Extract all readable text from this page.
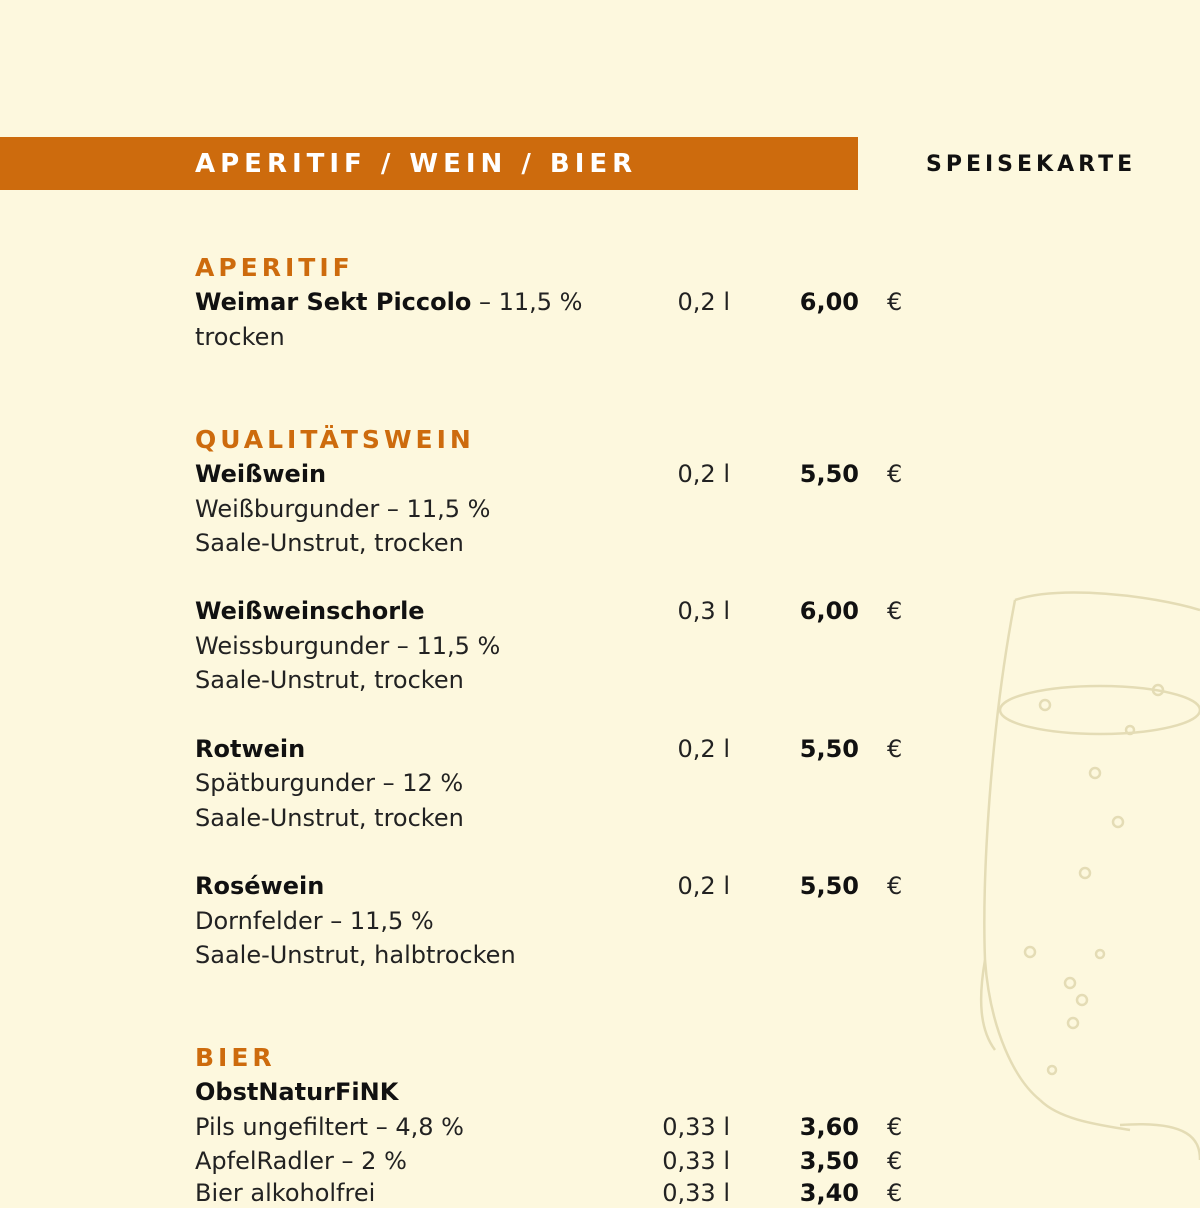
APERITIF / WEIN / BIER	SPEISEKARTE
APERITIF
Weimar Sekt Piccolo – 11,5 %	0,2 l	6,00 €
trocken
QUALITÄTSWEIN
Weißwein	0,2 l	5,50 €
Weißburgunder – 11,5 %
Saale-Unstrut, trocken
Weißweinschorle	0,3 l	6,00 €
Weissburgunder – 11,5 %
Saale-Unstrut, trocken
Rotwein	0,2 l	5,50 €
Spätburgunder – 12 %
Saale-Unstrut, trocken
Roséwein	0,2 l	5,50 €
Dornfelder – 11,5 %
Saale-Unstrut, halbtrocken
BIER
ObstNaturFiNK
Pils ungefiltert – 4,8 %	0,33 l	3,60 €
ApfelRadler – 2 %	0,33 l	3,50 €
Bier alkoholfrei	0,33 l	3,40 €
